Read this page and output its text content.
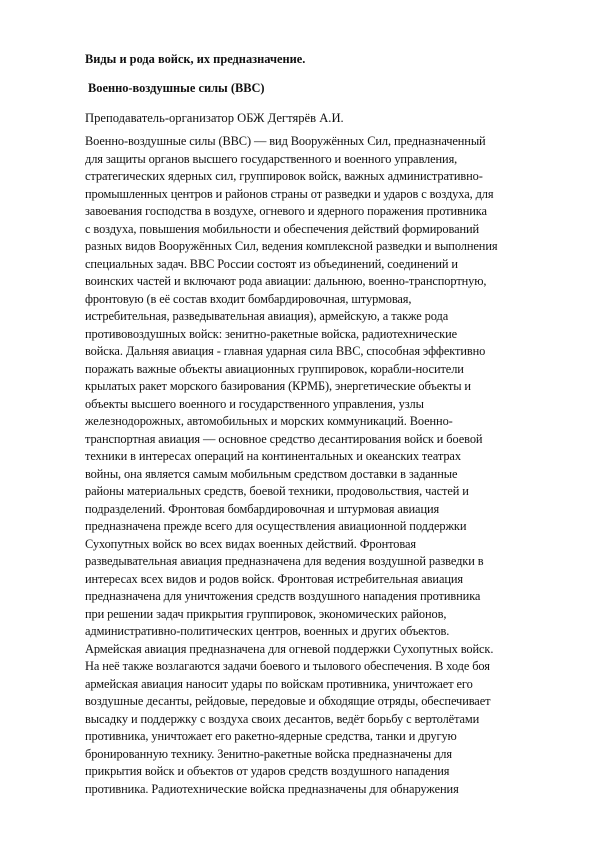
Виды и рода войск, их предназначение.

Военно-воздушные силы (ВВС)

Преподаватель-организатор ОБЖ Дегтярёв А.И.

Военно-воздушные силы (ВВС) — вид Вооружённых Сил, предназначенный
для защиты органов высшего государственного и военного управления,
стратегических ядерных сил, группировок войск, важных административно-
промышленных центров и районов страны от разведки и ударов с воздуха, для
завоевания господства в воздухе, огневого и ядерного поражения противника
с воздуха, повышения мобильности и обеспечения действий формирований
разных видов Вооружённых Сил, ведения комплексной разведки и выполнения
специальных задач. ВВС России состоят из объединений, соединений и
воинских частей и включают рода авиации: дальнюю, военно-транспортную,
фронтовую (в её состав входит бомбардировочная, штурмовая,
истребительная, разведывательная авиация), армейскую, а также рода
противовоздушных войск: зенитно-ракетные войска, радиотехнические
войска. Дальняя авиация - главная ударная сила ВВС, способная эффективно
поражать важные объекты авиационных группировок, корабли-носители
крылатых ракет морского базирования (КРМБ), энергетические объекты и
объекты высшего военного и государственного управления, узлы
железнодорожных, автомобильных и морских коммуникаций. Военно-
транспортная авиация — основное средство десантирования войск и боевой
техники в интересах операций на континентальных и океанских театрах
войны, она является самым мобильным средством доставки в заданные
районы материальных средств, боевой техники, продовольствия, частей и
подразделений. Фронтовая бомбардировочная и штурмовая авиация
предназначена прежде всего для осуществления авиационной поддержки
Сухопутных войск во всех видах военных действий. Фронтовая
разведывательная авиация предназначена для ведения воздушной разведки в
интересах всех видов и родов войск. Фронтовая истребительная авиация
предназначена для уничтожения средств воздушного нападения противника
при решении задач прикрытия группировок, экономических районов,
административно-политических центров, военных и других объектов.
Армейская авиация предназначена для огневой поддержки Сухопутных войск.
На неё также возлагаются задачи боевого и тылового обеспечения. В ходе боя
армейская авиация наносит удары по войскам противника, уничтожает его
воздушные десанты, рейдовые, передовые и обходящие отряды, обеспечивает
высадку и поддержку с воздуха своих десантов, ведёт борьбу с вертолётами
противника, уничтожает его ракетно-ядерные средства, танки и другую
бронированную технику. Зенитно-ракетные войска предназначены для
прикрытия войск и объектов от ударов средств воздушного нападения
противника. Радиотехнические войска предназначены для обнаружения
